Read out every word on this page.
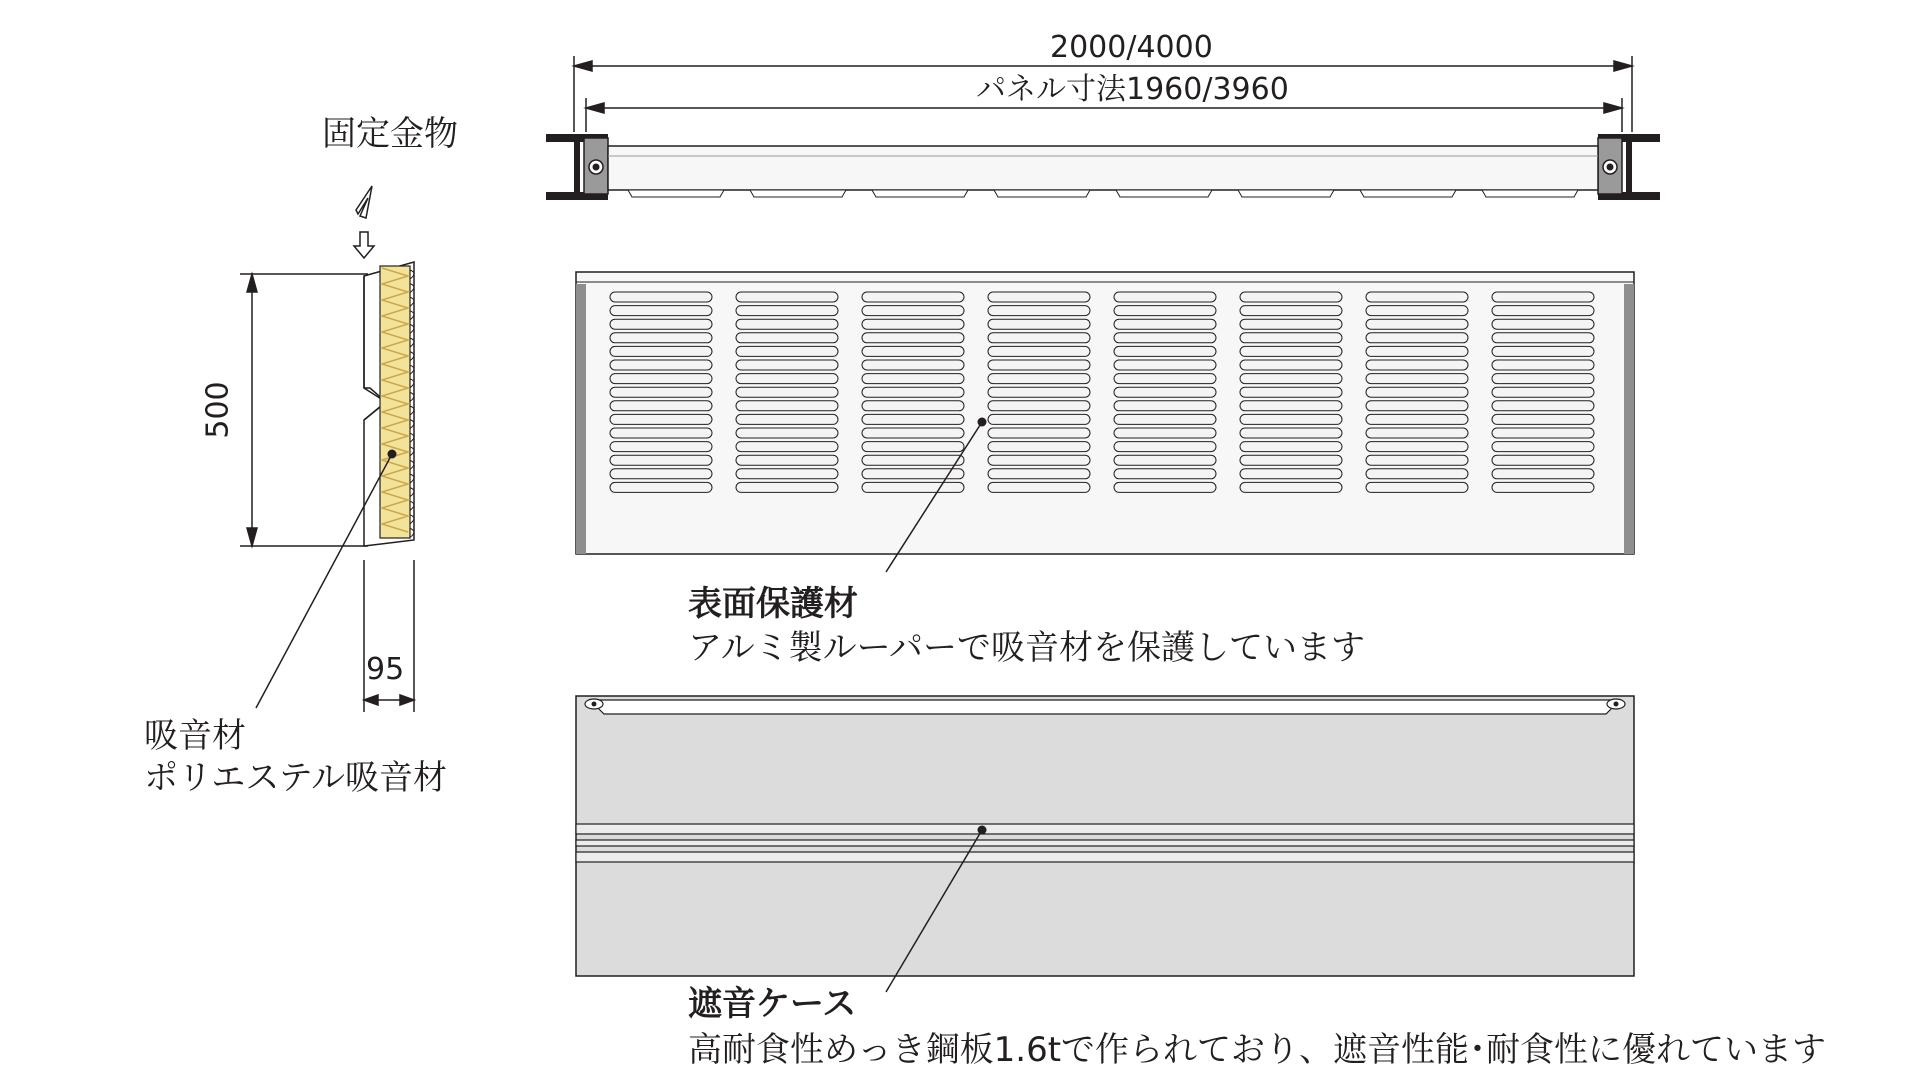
2000/4000
パネル寸法1960/3960
固定金物
500
95
吸音材
ポリエステル吸音材
表面保護材
アルミ製ルーパーで吸音材を保護しています
遮音ケース
高耐食性めっき鋼板1.6tで作られており、遮音性能･耐食性に優れています
